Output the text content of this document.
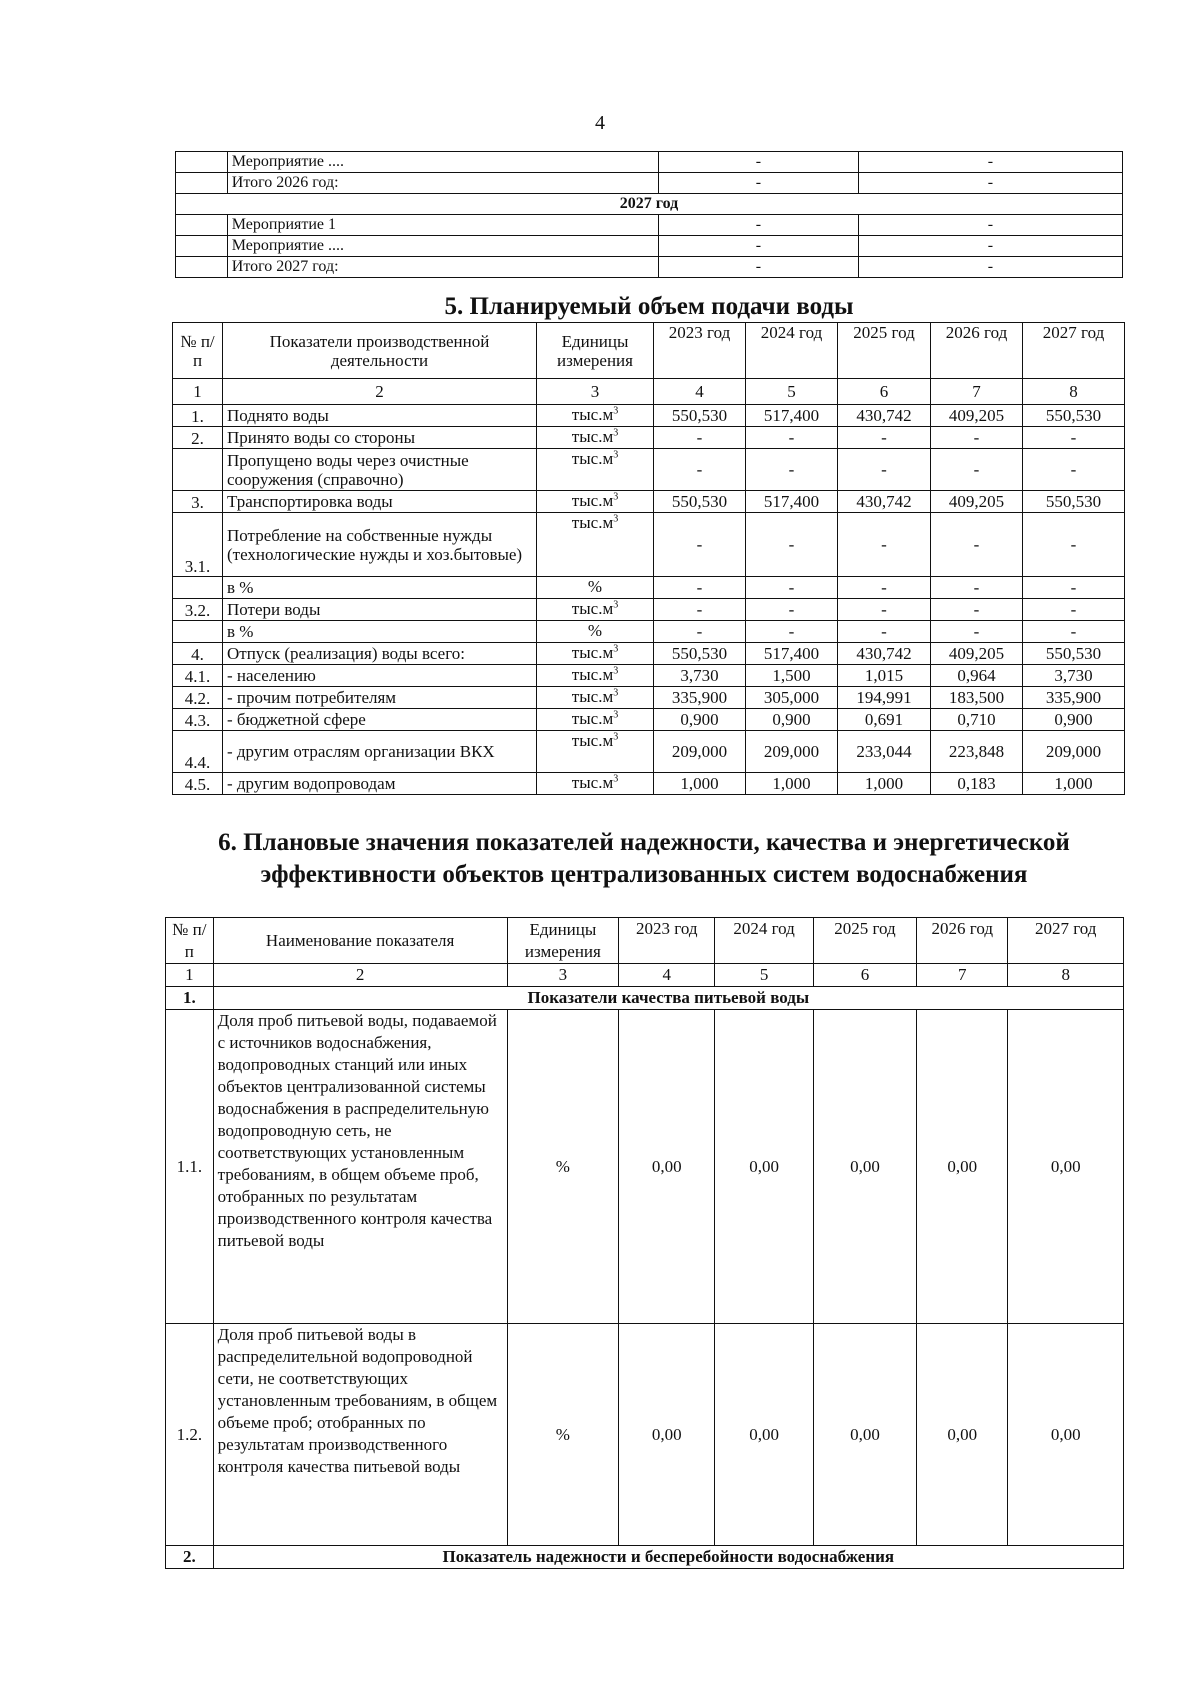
4
	Мероприятие ....	-	-
	Итого 2026 год:	-	-
2027 год			
	Мероприятие 1	-	-
	Мероприятие ....	-	-
	Итого 2027 год:	-	-
5. Планируемый объем подачи воды
№ п/п	Показатели производственной деятельности	Единицы измерения	2023 год	2024 год	2025 год	2026 год	2027 год
1	2	3	4	5	6	7	8
1.	Поднято воды	$тыс.м^3$	550,530	517,400	430,742	409,205	550,530
2.	Принято воды со стороны	$тыс.м^3$	-	-	-	-	-
	Пропущено воды через очистные сооружения (справочно)	$тыс.м^3$	-	-	-	-	-
3.	Транспортировка воды	$тыс.м^3$	550,530	517,400	430,742	409,205	550,530
3.1.	Потребление на собственные нужды (технологические нужды и хоз.бытовые)	$тыс.м^3$	-	-	-	-	-
	в %	%	-	-	-	-	-
3.2.	Потери воды	$тыс.м^3$	-	-	-	-	-
	в %	%	-	-	-	-	-
4.	Отпуск (реализация) воды всего:	$тыс.м^3$	550,530	517,400	430,742	409,205	550,530
4.1.	- населению	$тыс.м^3$	3,730	1,500	1,015	0,964	3,730
4.2.	- прочим потребителям	$тыс.м^3$	335,900	305,000	194,991	183,500	335,900
4.3.	- бюджетной сфере	$тыс.м^3$	0,900	0,900	0,691	0,710	0,900
4.4.	- другим отраслям организации ВКХ	$тыс.м^3$	209,000	209,000	233,044	223,848	209,000
4.5.	- другим водопроводам	$тыс.м^3$	1,000	1,000	1,000	0,183	1,000
6. Плановые значения показателей надежности, качества и энергетической эффективности объектов централизованных систем водоснабжения
№ п/п	Наименование показателя	Единицы измерения	2023 год	2024 год	2025 год	2026 год	2027 год
1	2	3	4	5	6	7	8
1.	Показатели качества питьевой воды						
1.1.	Доля проб питьевой воды, подаваемой с источников водоснабжения, водопроводных станций или иных объектов централизованной системы водоснабжения в распределительную водопроводную сеть, не соответствующих установленным требованиям, в общем объеме проб, отобранных по результатам производственного контроля качества питьевой воды	%	0,00	0,00	0,00	0,00	0,00
1.2.	Доля проб питьевой воды в распределительной водопроводной сети, не соответствующих установленным требованиям, в общем объеме проб; отобранных по результатам производственного контроля качества питьевой воды	%	0,00	0,00	0,00	0,00	0,00
2.	Показатель надежности и бесперебойности водоснабжения						
